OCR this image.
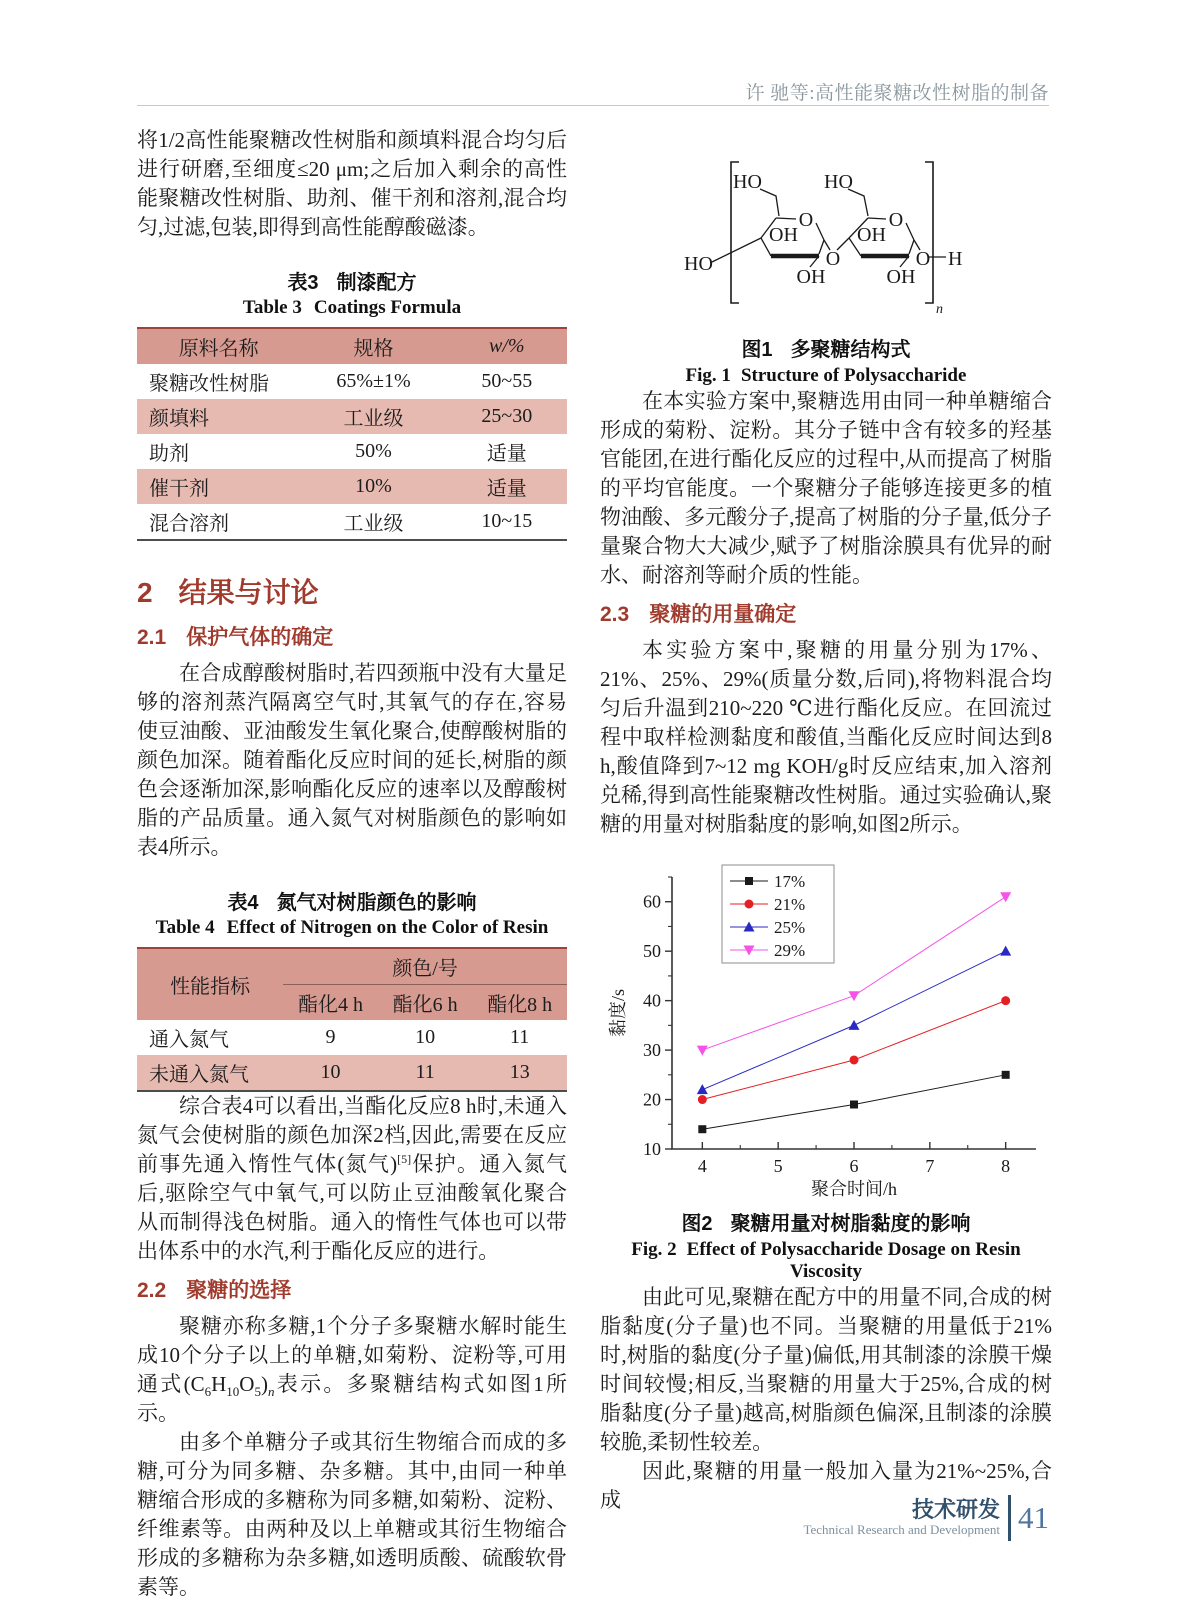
许 驰等:高性能聚糖改性树脂的制备

将1/2高性能聚糖改性树脂和颜填料混合均匀后进行研磨,至细度≤20 μm;之后加入剩余的高性能聚糖改性树脂、助剂、催干剂和溶剂,混合均匀,过滤,包装,即得到高性能醇酸磁漆。

表3 制漆配方
Table 3 Coatings Formula
原料名称	规格	w/%
聚糖改性树脂	65%±1%	50~55
颜填料	工业级	25~30
助剂	50%	适量
催干剂	10%	适量
混合溶剂	工业级	10~15
2 结果与讨论
2.1 保护气体的确定

在合成醇酸树脂时,若四颈瓶中没有大量足够的溶剂蒸汽隔离空气时,其氧气的存在,容易使豆油酸、亚油酸发生氧化聚合,使醇酸树脂的颜色加深。随着酯化反应时间的延长,树脂的颜色会逐渐加深,影响酯化反应的速率以及醇酸树脂的产品质量。通入氮气对树脂颜色的影响如表4所示。

表4 氮气对树脂颜色的影响
Table 4 Effect of Nitrogen on the Color of Resin
性能指标	颜色/号		
	酯化4 h	酯化6 h	酯化8 h
通入氮气	9	10	11
未通入氮气	10	11	13

综合表4可以看出,当酯化反应8 h时,未通入氮气会使树脂的颜色加深2档,因此,需要在反应前事先通入惰性气体(氮气)[5]保护。通入氮气后,驱除空气中氧气,可以防止豆油酸氧化聚合从而制得浅色树脂。通入的惰性气体也可以带出体系中的水汽,利于酯化反应的进行。

2.2 聚糖的选择

聚糖亦称多糖,1个分子多聚糖水解时能生成10个分子以上的单糖,如菊粉、淀粉等,可用通式$(C_6H_{10}O_5)_n$表示。多聚糖结构式如图1所示。

由多个单糖分子或其衍生物缩合而成的多糖,可分为同多糖、杂多糖。其中,由同一种单糖缩合形成的多糖称为同多糖,如菊粉、淀粉、纤维素等。由两种及以上单糖或其衍生物缩合形成的多糖称为杂多糖,如透明质酸、硫酸软骨素等。

HO	HO
HO
O	O
OH	OH
OH	OH
O	O H
n
图1 多聚糖结构式
Fig. 1 Structure of Polysaccharide

在本实验方案中,聚糖选用由同一种单糖缩合形成的菊粉、淀粉。其分子链中含有较多的羟基官能团,在进行酯化反应的过程中,从而提高了树脂的平均官能度。一个聚糖分子能够连接更多的植物油酸、多元酸分子,提高了树脂的分子量,低分子量聚合物大大减少,赋予了树脂涂膜具有优异的耐水、耐溶剂等耐介质的性能。

2.3 聚糖的用量确定

本实验方案中,聚糖的用量分别为17%、21%、25%、29%(质量分数,后同),将物料混合均匀后升温到210~220 ℃进行酯化反应。在回流过程中取样检测黏度和酸值,当酯化反应时间达到8 h,酸值降到7~12 mg KOH/g时反应结束,加入溶剂兑稀,得到高性能聚糖改性树脂。通过实验确认,聚糖的用量对树脂黏度的影响,如图2所示。

10
20
30
40
50
60
4	5	6	7	8
聚合时间/h
黏度/s
17%
21%
25%
29%
图2 聚糖用量对树脂黏度的影响
Fig. 2 Effect of Polysaccharide Dosage on Resin Viscosity

由此可见,聚糖在配方中的用量不同,合成的树脂黏度(分子量)也不同。当聚糖的用量低于21%时,树脂的黏度(分子量)偏低,用其制漆的涂膜干燥时间较慢;相反,当聚糖的用量大于25%,合成的树脂黏度(分子量)越高,树脂颜色偏深,且制漆的涂膜较脆,柔韧性较差。

因此,聚糖的用量一般加入量为21%~25%,合成	技术研发
Technical Research and Development 41
